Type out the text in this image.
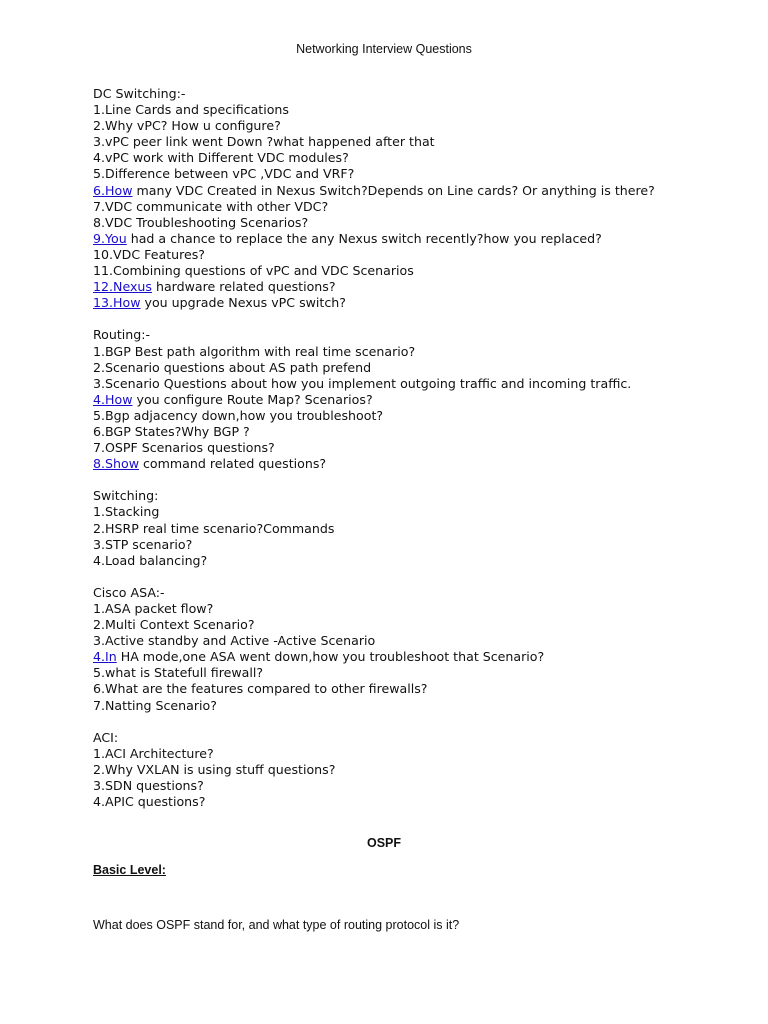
Networking Interview Questions
DC Switching:-
1.Line Cards and specifications
2.Why vPC? How u configure?
3.vPC peer link went Down ?what happened after that
4.vPC work with Different VDC modules?
5.Difference between vPC ,VDC and VRF?
6.How many VDC Created in Nexus Switch?Depends on Line cards? Or anything is there?
7.VDC communicate with other VDC?
8.VDC Troubleshooting Scenarios?
9.You had a chance to replace the any Nexus switch recently?how you replaced?
10.VDC Features?
11.Combining questions of vPC and VDC Scenarios
12.Nexus hardware related questions?
13.How you upgrade Nexus vPC switch?
Routing:-
1.BGP Best path algorithm with real time scenario?
2.Scenario questions about AS path prefend
3.Scenario Questions about how you implement outgoing traffic and incoming traffic.
4.How you configure Route Map? Scenarios?
5.Bgp adjacency down,how you troubleshoot?
6.BGP States?Why BGP ?
7.OSPF Scenarios questions?
8.Show command related questions?
Switching:
1.Stacking
2.HSRP real time scenario?Commands
3.STP scenario?
4.Load balancing?
Cisco ASA:-
1.ASA packet flow?
2.Multi Context Scenario?
3.Active standby and Active -Active Scenario
4.In HA mode,one ASA went down,how you troubleshoot that Scenario?
5.what is Statefull firewall?
6.What are the features compared to other firewalls?
7.Natting Scenario?
ACI:
1.ACI Architecture?
2.Why VXLAN is using stuff questions?
3.SDN questions?
4.APIC questions?
OSPF
Basic Level:
What does OSPF stand for, and what type of routing protocol is it?
